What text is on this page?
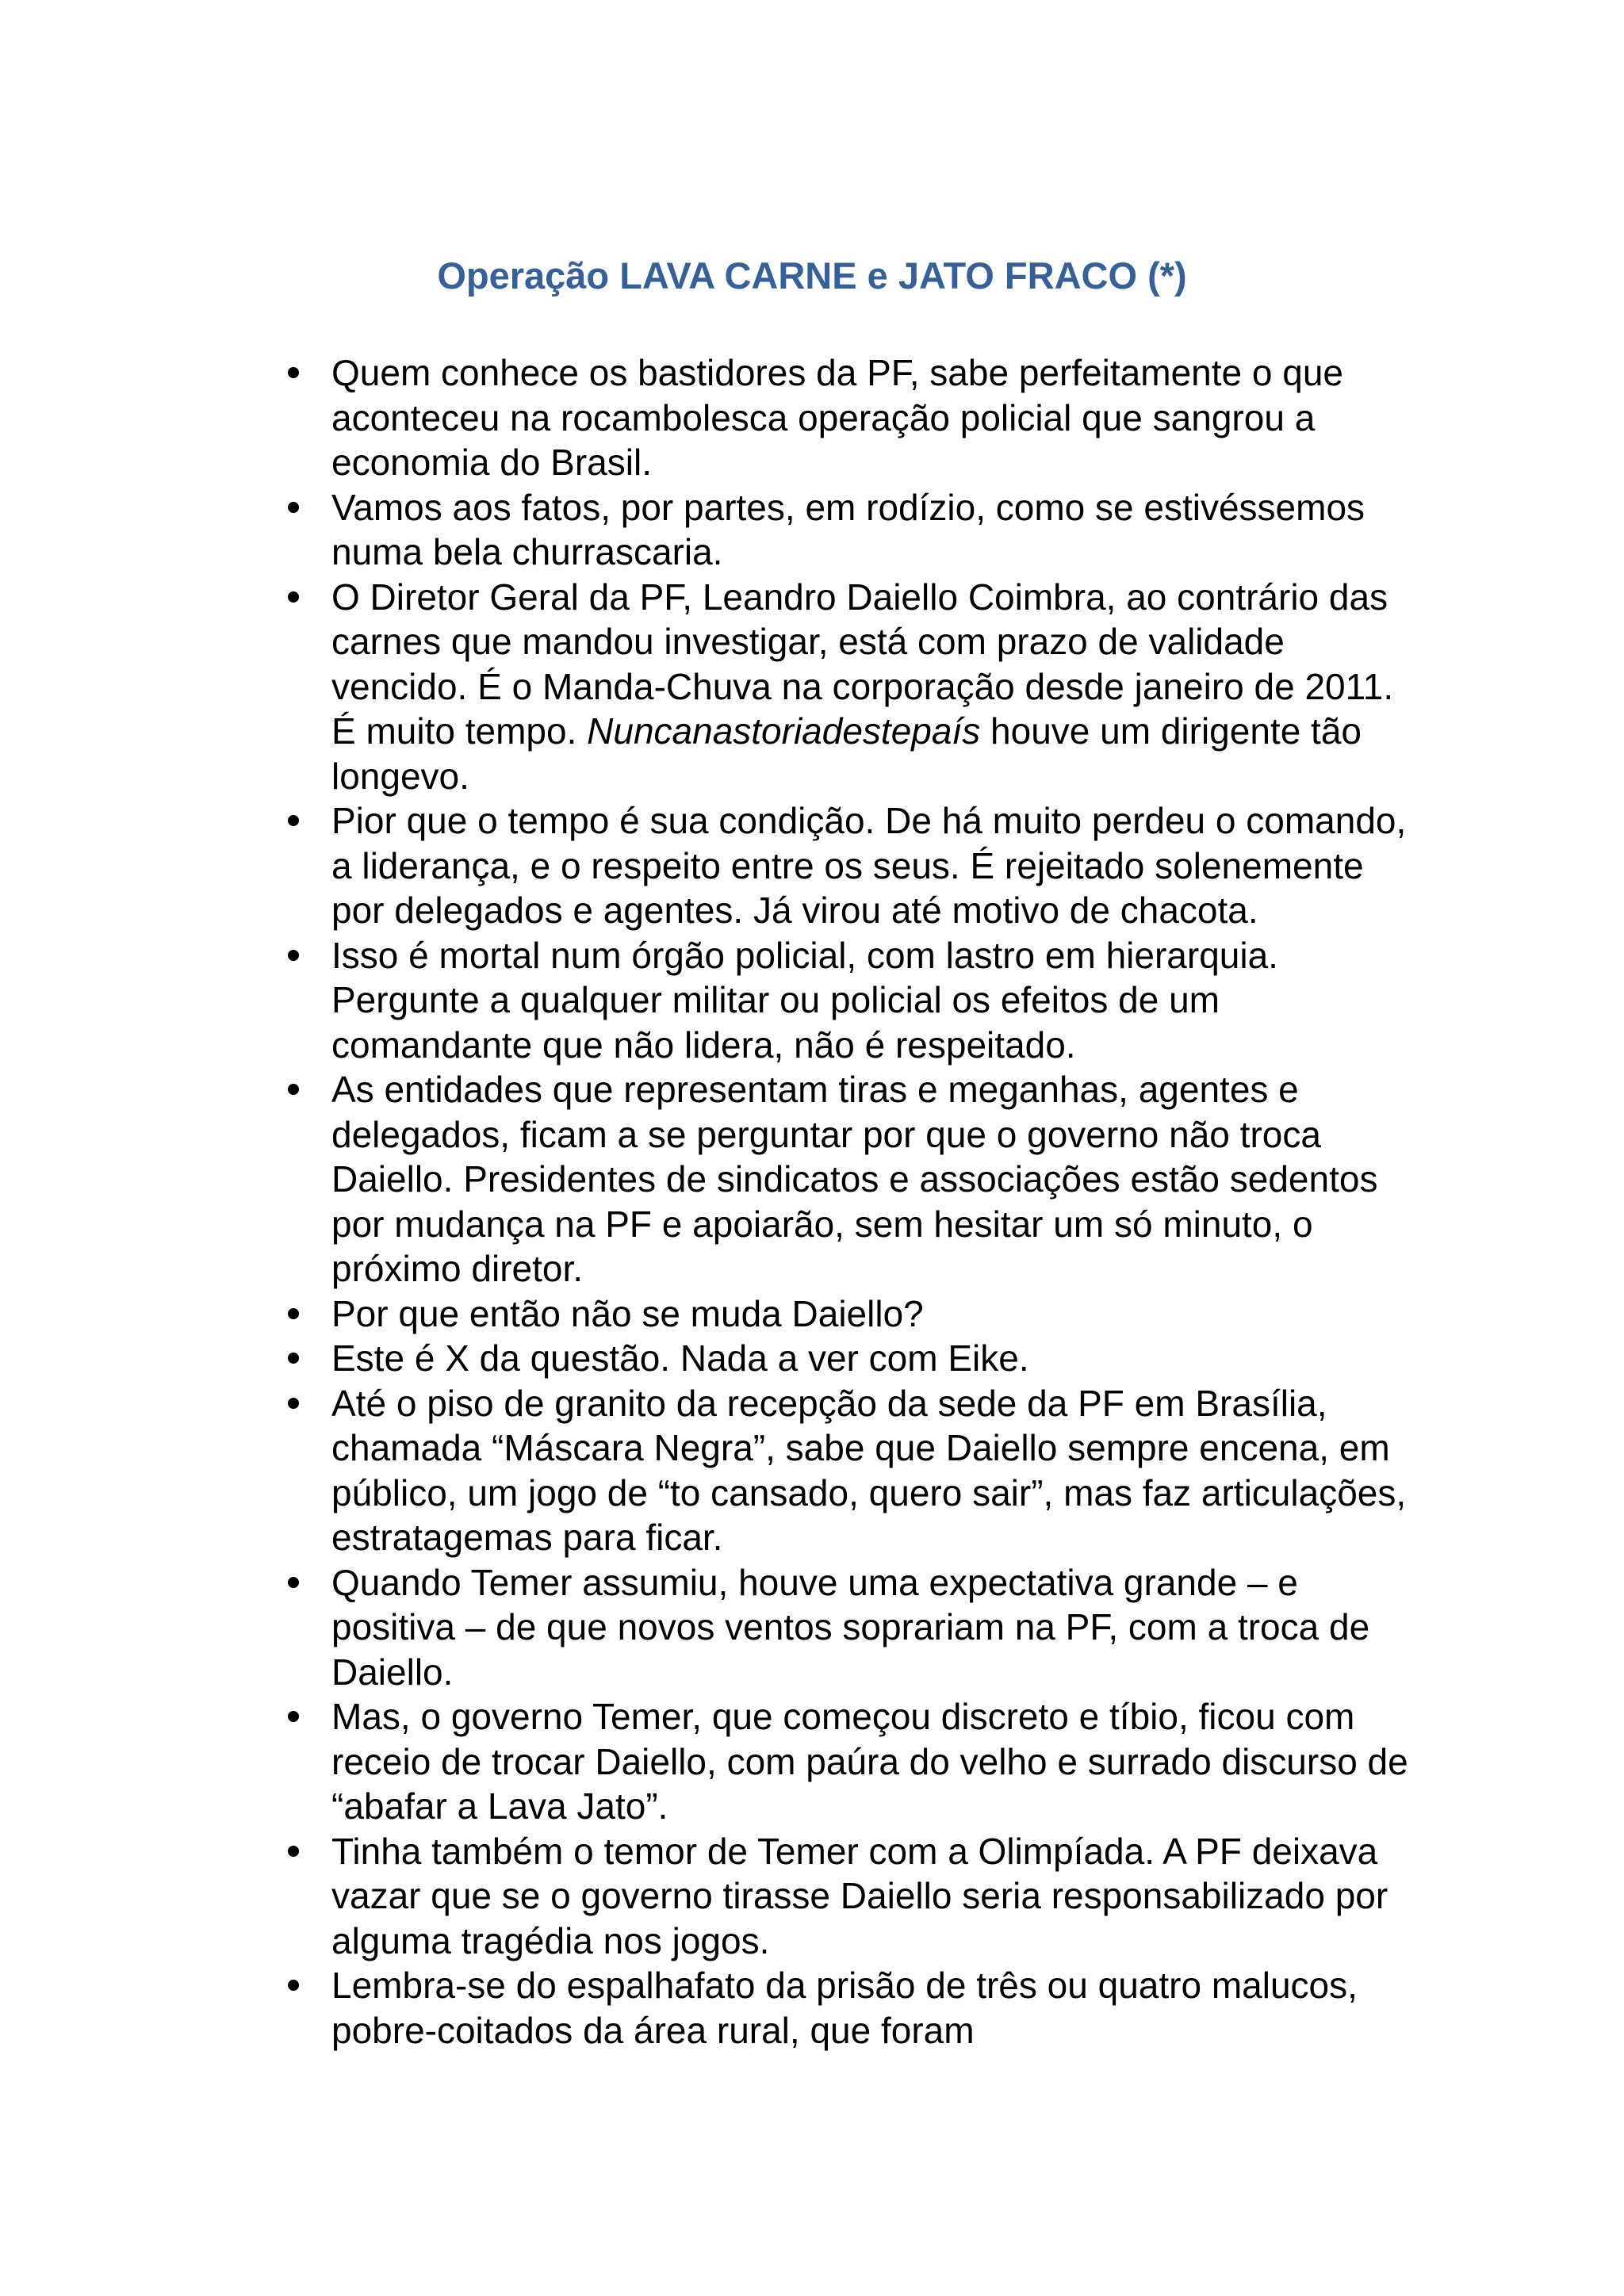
Operação LAVA CARNE e JATO FRACO (*)
Quem conhece os bastidores da PF, sabe perfeitamente o que aconteceu na rocambolesca operação policial que sangrou a economia do Brasil.
Vamos aos fatos, por partes, em rodízio, como se estivéssemos numa bela churrascaria.
O Diretor Geral da PF, Leandro Daiello Coimbra, ao contrário das carnes que mandou investigar, está com prazo de validade vencido. É o Manda-Chuva na corporação desde janeiro de 2011. É muito tempo. Nuncanastoriadestepaís houve um dirigente tão longevo.
Pior que o tempo é sua condição. De há muito perdeu o comando, a liderança, e o respeito entre os seus. É rejeitado solenemente por delegados e agentes. Já virou até motivo de chacota.
Isso é mortal num órgão policial, com lastro em hierarquia. Pergunte a qualquer militar ou policial os efeitos de um comandante que não lidera, não é respeitado.
As entidades que representam tiras e meganhas, agentes e delegados, ficam a se perguntar por que o governo não troca Daiello. Presidentes de sindicatos e associações estão sedentos por mudança na PF e apoiarão, sem hesitar um só minuto, o próximo diretor.
Por que então não se muda Daiello?
Este é X da questão. Nada a ver com Eike.
Até o piso de granito da recepção da sede da PF em Brasília, chamada “Máscara Negra”, sabe que Daiello sempre encena, em público, um jogo de “to cansado, quero sair”, mas faz articulações, estratagemas para ficar.
Quando Temer assumiu, houve uma expectativa grande – e positiva – de que novos ventos soprariam na PF, com a troca de Daiello.
Mas, o governo Temer, que começou discreto e tíbio, ficou com receio de trocar Daiello, com paúra do velho e surrado discurso de “abafar a Lava Jato”.
Tinha também o temor de Temer com a Olimpíada. A PF deixava vazar que se o governo tirasse Daiello seria responsabilizado por alguma tragédia nos jogos.
Lembra-se do espalhafato da prisão de três ou quatro malucos, pobre-coitados da área rural, que foram
